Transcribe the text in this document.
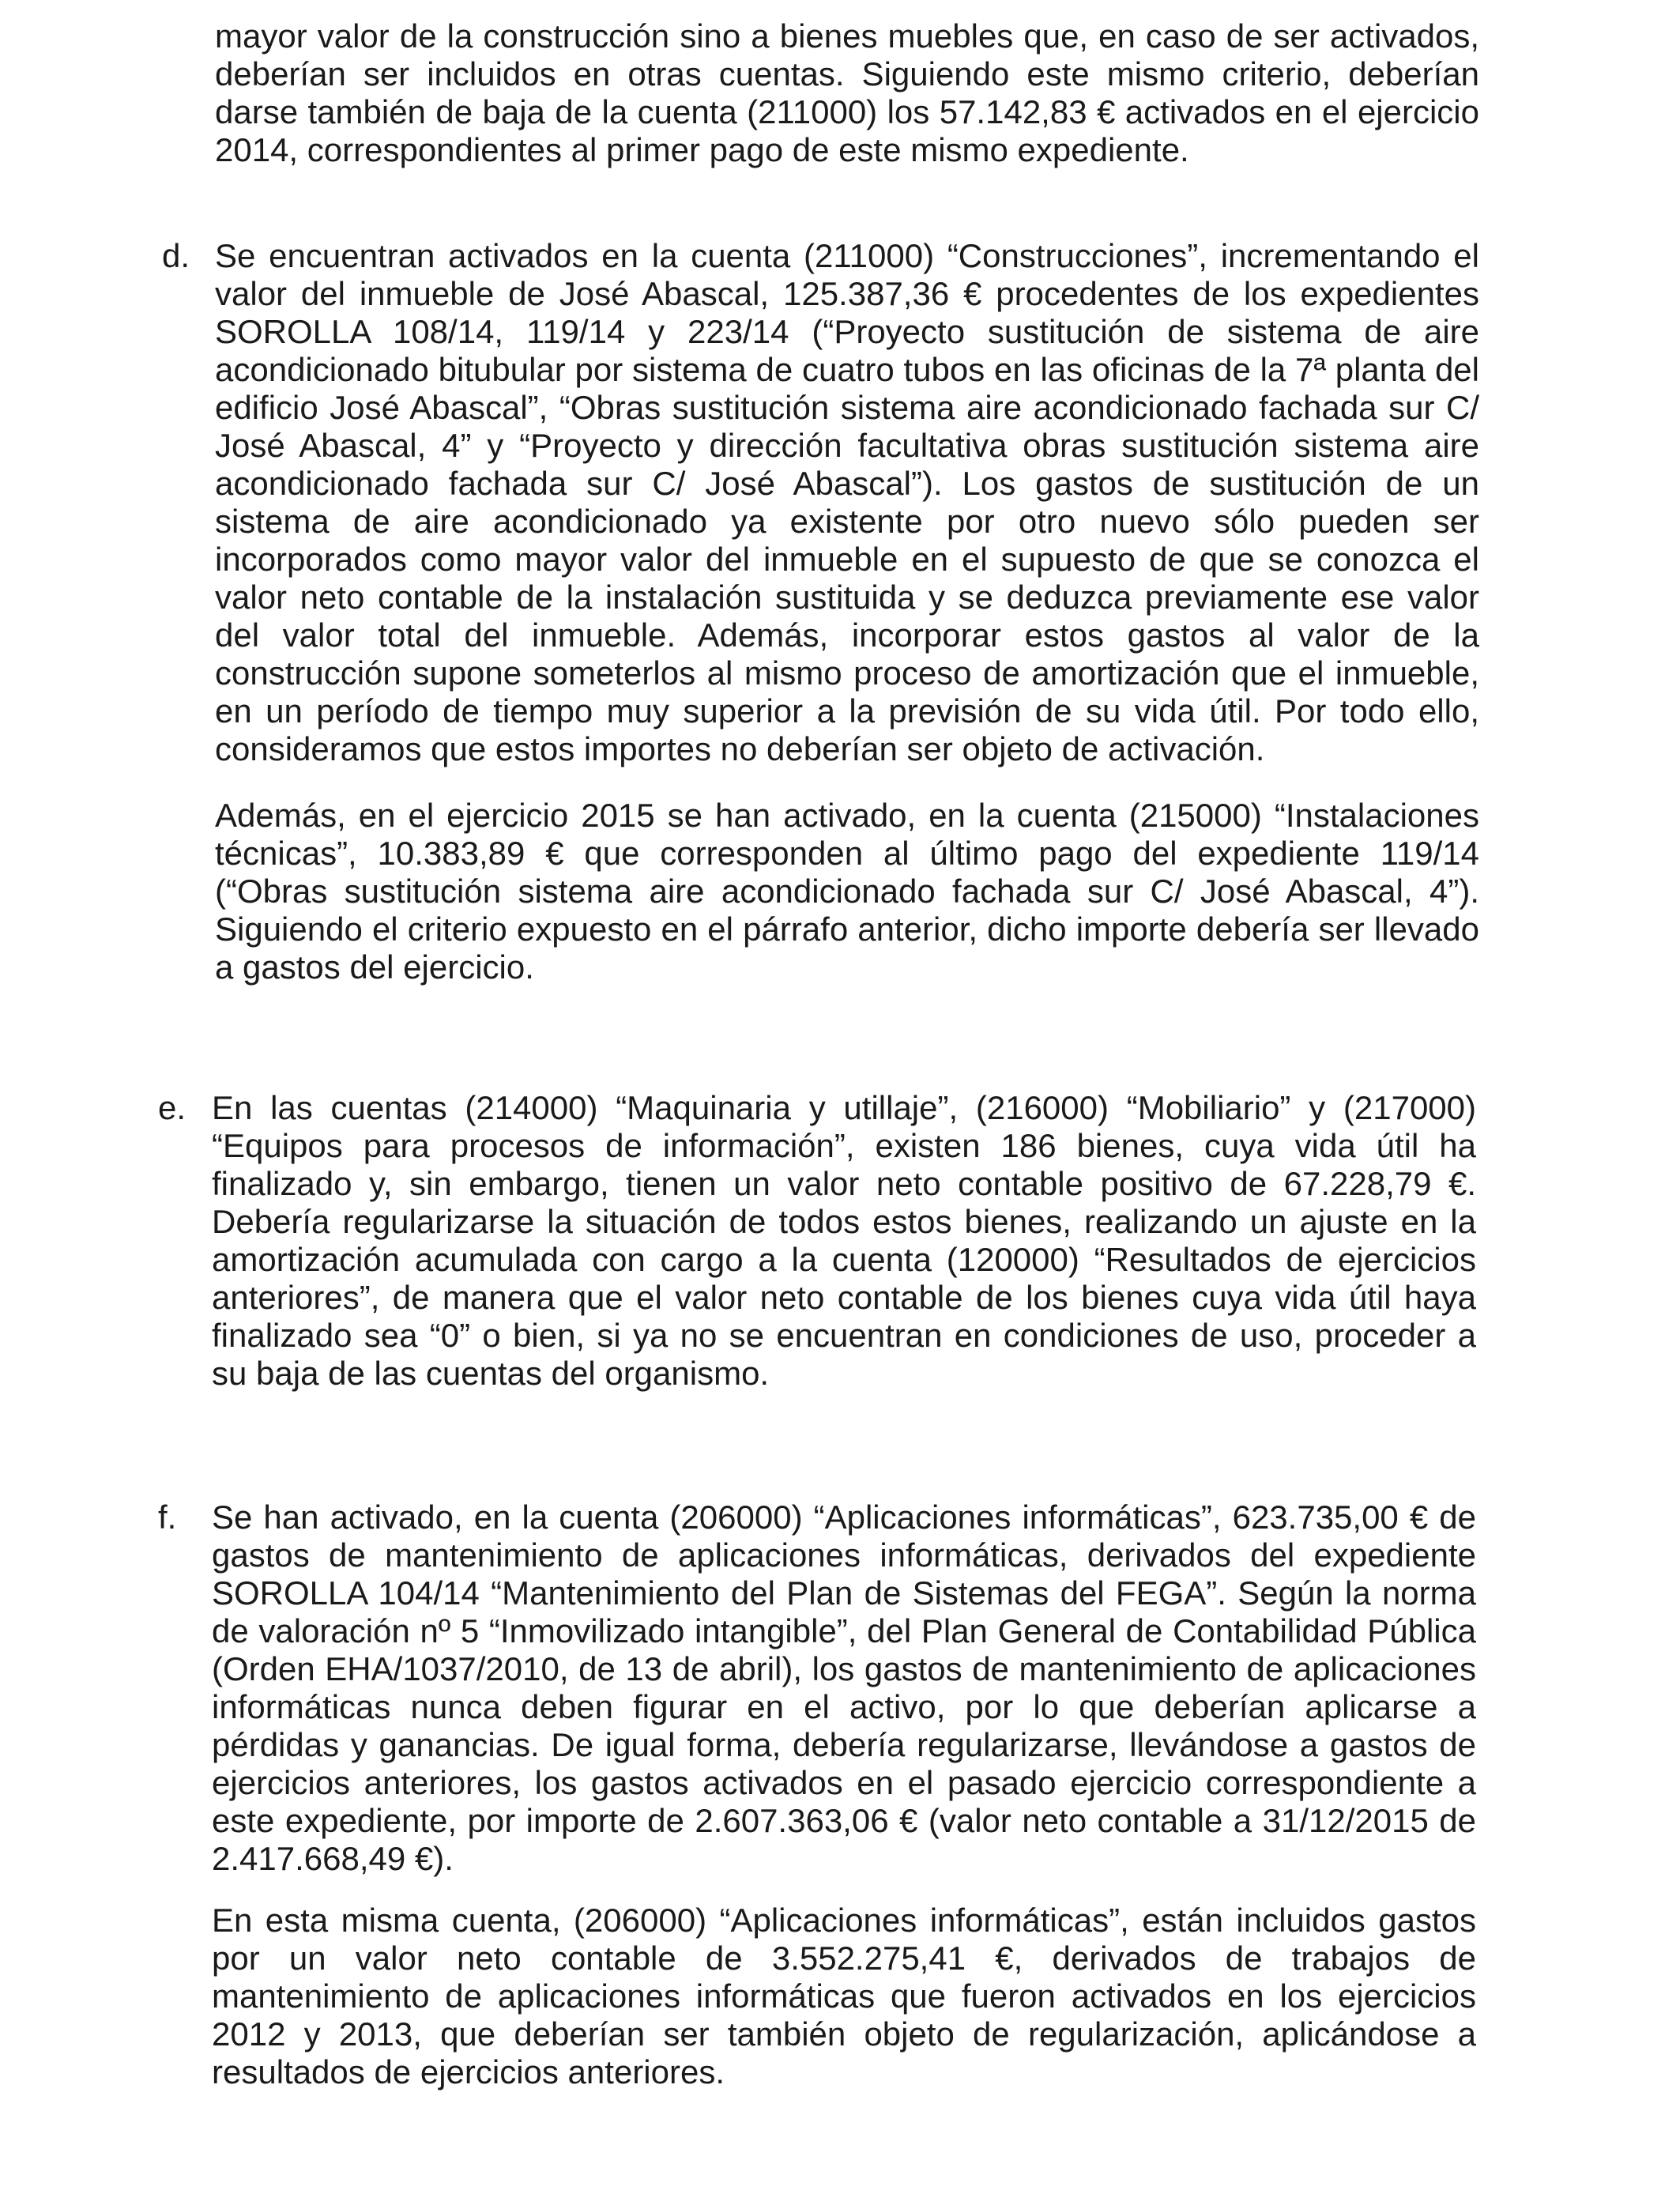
mayor valor de la construcción sino a bienes muebles que, en caso de ser activados, deberían ser incluidos en otras cuentas. Siguiendo este mismo criterio, deberían darse también de baja de la cuenta (211000) los 57.142,83 € activados en el ejercicio 2014, correspondientes al primer pago de este mismo expediente.

d. Se encuentran activados en la cuenta (211000) “Construcciones”, incrementando el valor del inmueble de José Abascal, 125.387,36 € procedentes de los expedientes SOROLLA 108/14, 119/14 y 223/14 (“Proyecto sustitución de sistema de aire acondicionado bitubular por sistema de cuatro tubos en las oficinas de la 7ª planta del edificio José Abascal”, “Obras sustitución sistema aire acondicionado fachada sur C/ José Abascal, 4” y “Proyecto y dirección facultativa obras sustitución sistema aire acondicionado fachada sur C/ José Abascal”). Los gastos de sustitución de un sistema de aire acondicionado ya existente por otro nuevo sólo pueden ser incorporados como mayor valor del inmueble en el supuesto de que se conozca el valor neto contable de la instalación sustituida y se deduzca previamente ese valor del valor total del inmueble. Además, incorporar estos gastos al valor de la construcción supone someterlos al mismo proceso de amortización que el inmueble, en un período de tiempo muy superior a la previsión de su vida útil. Por todo ello, consideramos que estos importes no deberían ser objeto de activación.

Además, en el ejercicio 2015 se han activado, en la cuenta (215000) “Instalaciones técnicas”, 10.383,89 € que corresponden al último pago del expediente 119/14 (“Obras sustitución sistema aire acondicionado fachada sur C/ José Abascal, 4”). Siguiendo el criterio expuesto en el párrafo anterior, dicho importe debería ser llevado a gastos del ejercicio.

e. En las cuentas (214000) “Maquinaria y utillaje”, (216000) “Mobiliario” y (217000) “Equipos para procesos de información”, existen 186 bienes, cuya vida útil ha finalizado y, sin embargo, tienen un valor neto contable positivo de 67.228,79 €. Debería regularizarse la situación de todos estos bienes, realizando un ajuste en la amortización acumulada con cargo a la cuenta (120000) “Resultados de ejercicios anteriores”, de manera que el valor neto contable de los bienes cuya vida útil haya finalizado sea “0” o bien, si ya no se encuentran en condiciones de uso, proceder a su baja de las cuentas del organismo.

f. Se han activado, en la cuenta (206000) “Aplicaciones informáticas”, 623.735,00 € de gastos de mantenimiento de aplicaciones informáticas, derivados del expediente SOROLLA 104/14 “Mantenimiento del Plan de Sistemas del FEGA”. Según la norma de valoración nº 5 “Inmovilizado intangible”, del Plan General de Contabilidad Pública (Orden EHA/1037/2010, de 13 de abril), los gastos de mantenimiento de aplicaciones informáticas nunca deben figurar en el activo, por lo que deberían aplicarse a pérdidas y ganancias. De igual forma, debería regularizarse, llevándose a gastos de ejercicios anteriores, los gastos activados en el pasado ejercicio correspondiente a este expediente, por importe de 2.607.363,06 € (valor neto contable a 31/12/2015 de 2.417.668,49 €).

En esta misma cuenta, (206000) “Aplicaciones informáticas”, están incluidos gastos por un valor neto contable de 3.552.275,41 €, derivados de trabajos de mantenimiento de aplicaciones informáticas que fueron activados en los ejercicios 2012 y 2013, que deberían ser también objeto de regularización, aplicándose a resultados de ejercicios anteriores.
